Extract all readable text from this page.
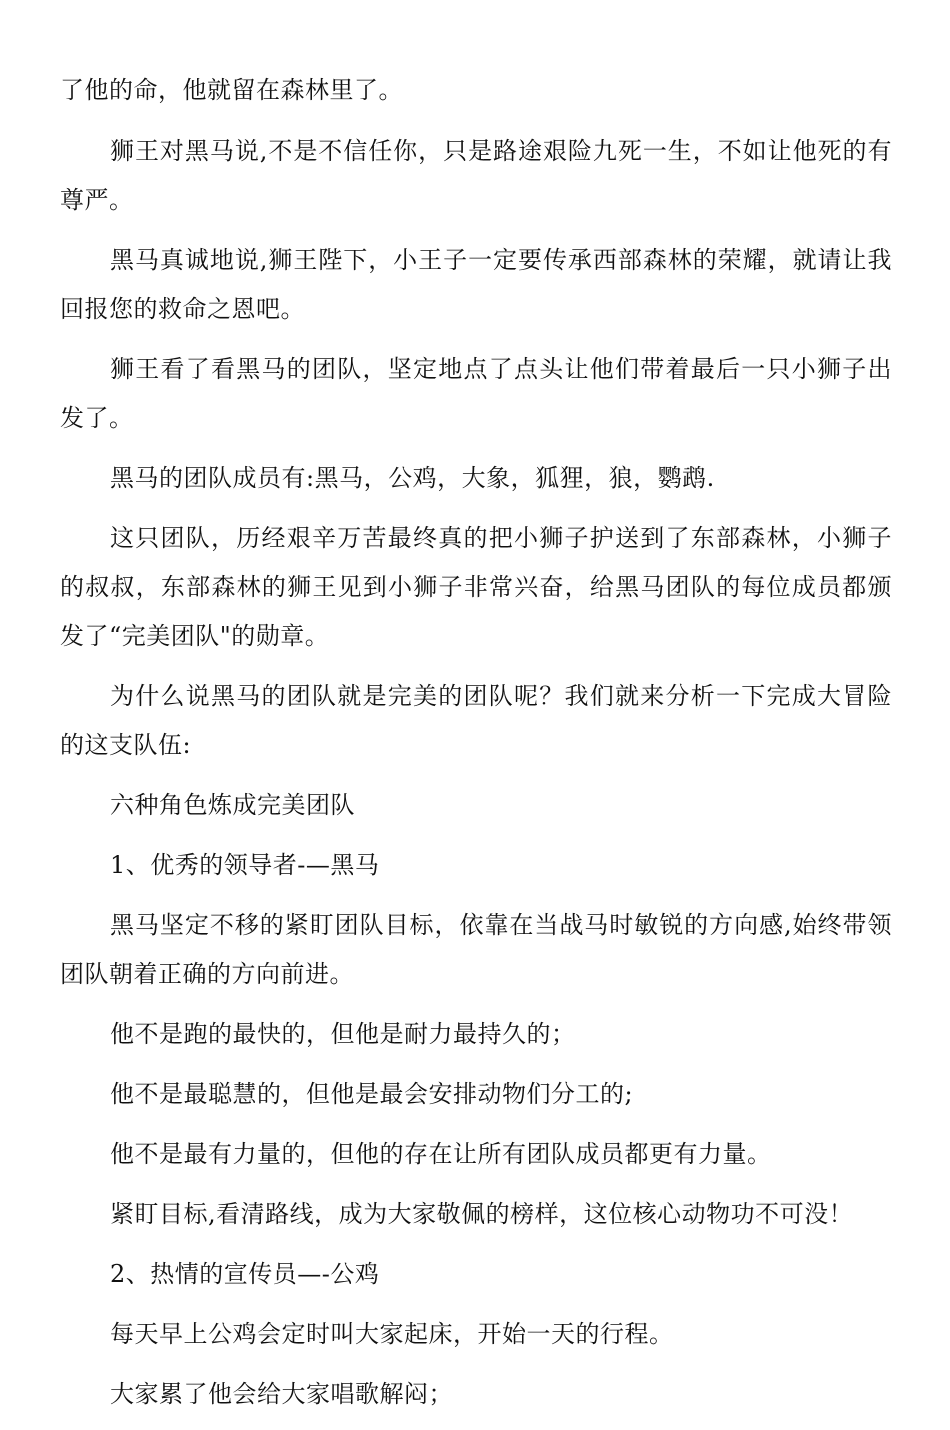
了他的命，他就留在森林里了。

狮王对黑马说,不是不信任你，只是路途艰险九死一生，不如让他死的有尊严。

黑马真诚地说,狮王陛下，小王子一定要传承西部森林的荣耀，就请让我回报您的救命之恩吧。

狮王看了看黑马的团队，坚定地点了点头让他们带着最后一只小狮子出发了。

黑马的团队成员有:黑马，公鸡，大象，狐狸，狼，鹦鹉.

这只团队，历经艰辛万苦最终真的把小狮子护送到了东部森林，小狮子的叔叔，东部森林的狮王见到小狮子非常兴奋，给黑马团队的每位成员都颁发了“完美团队"的勋章。

为什么说黑马的团队就是完美的团队呢？我们就来分析一下完成大冒险的这支队伍:

六种角色炼成完美团队

1、优秀的领导者-—黑马

黑马坚定不移的紧盯团队目标，依靠在当战马时敏锐的方向感,始终带领团队朝着正确的方向前进。

他不是跑的最快的，但他是耐力最持久的；

他不是最聪慧的，但他是最会安排动物们分工的;

他不是最有力量的，但他的存在让所有团队成员都更有力量。

紧盯目标,看清路线，成为大家敬佩的榜样，这位核心动物功不可没！

2、热情的宣传员—-公鸡

每天早上公鸡会定时叫大家起床，开始一天的行程。

大家累了他会给大家唱歌解闷；
